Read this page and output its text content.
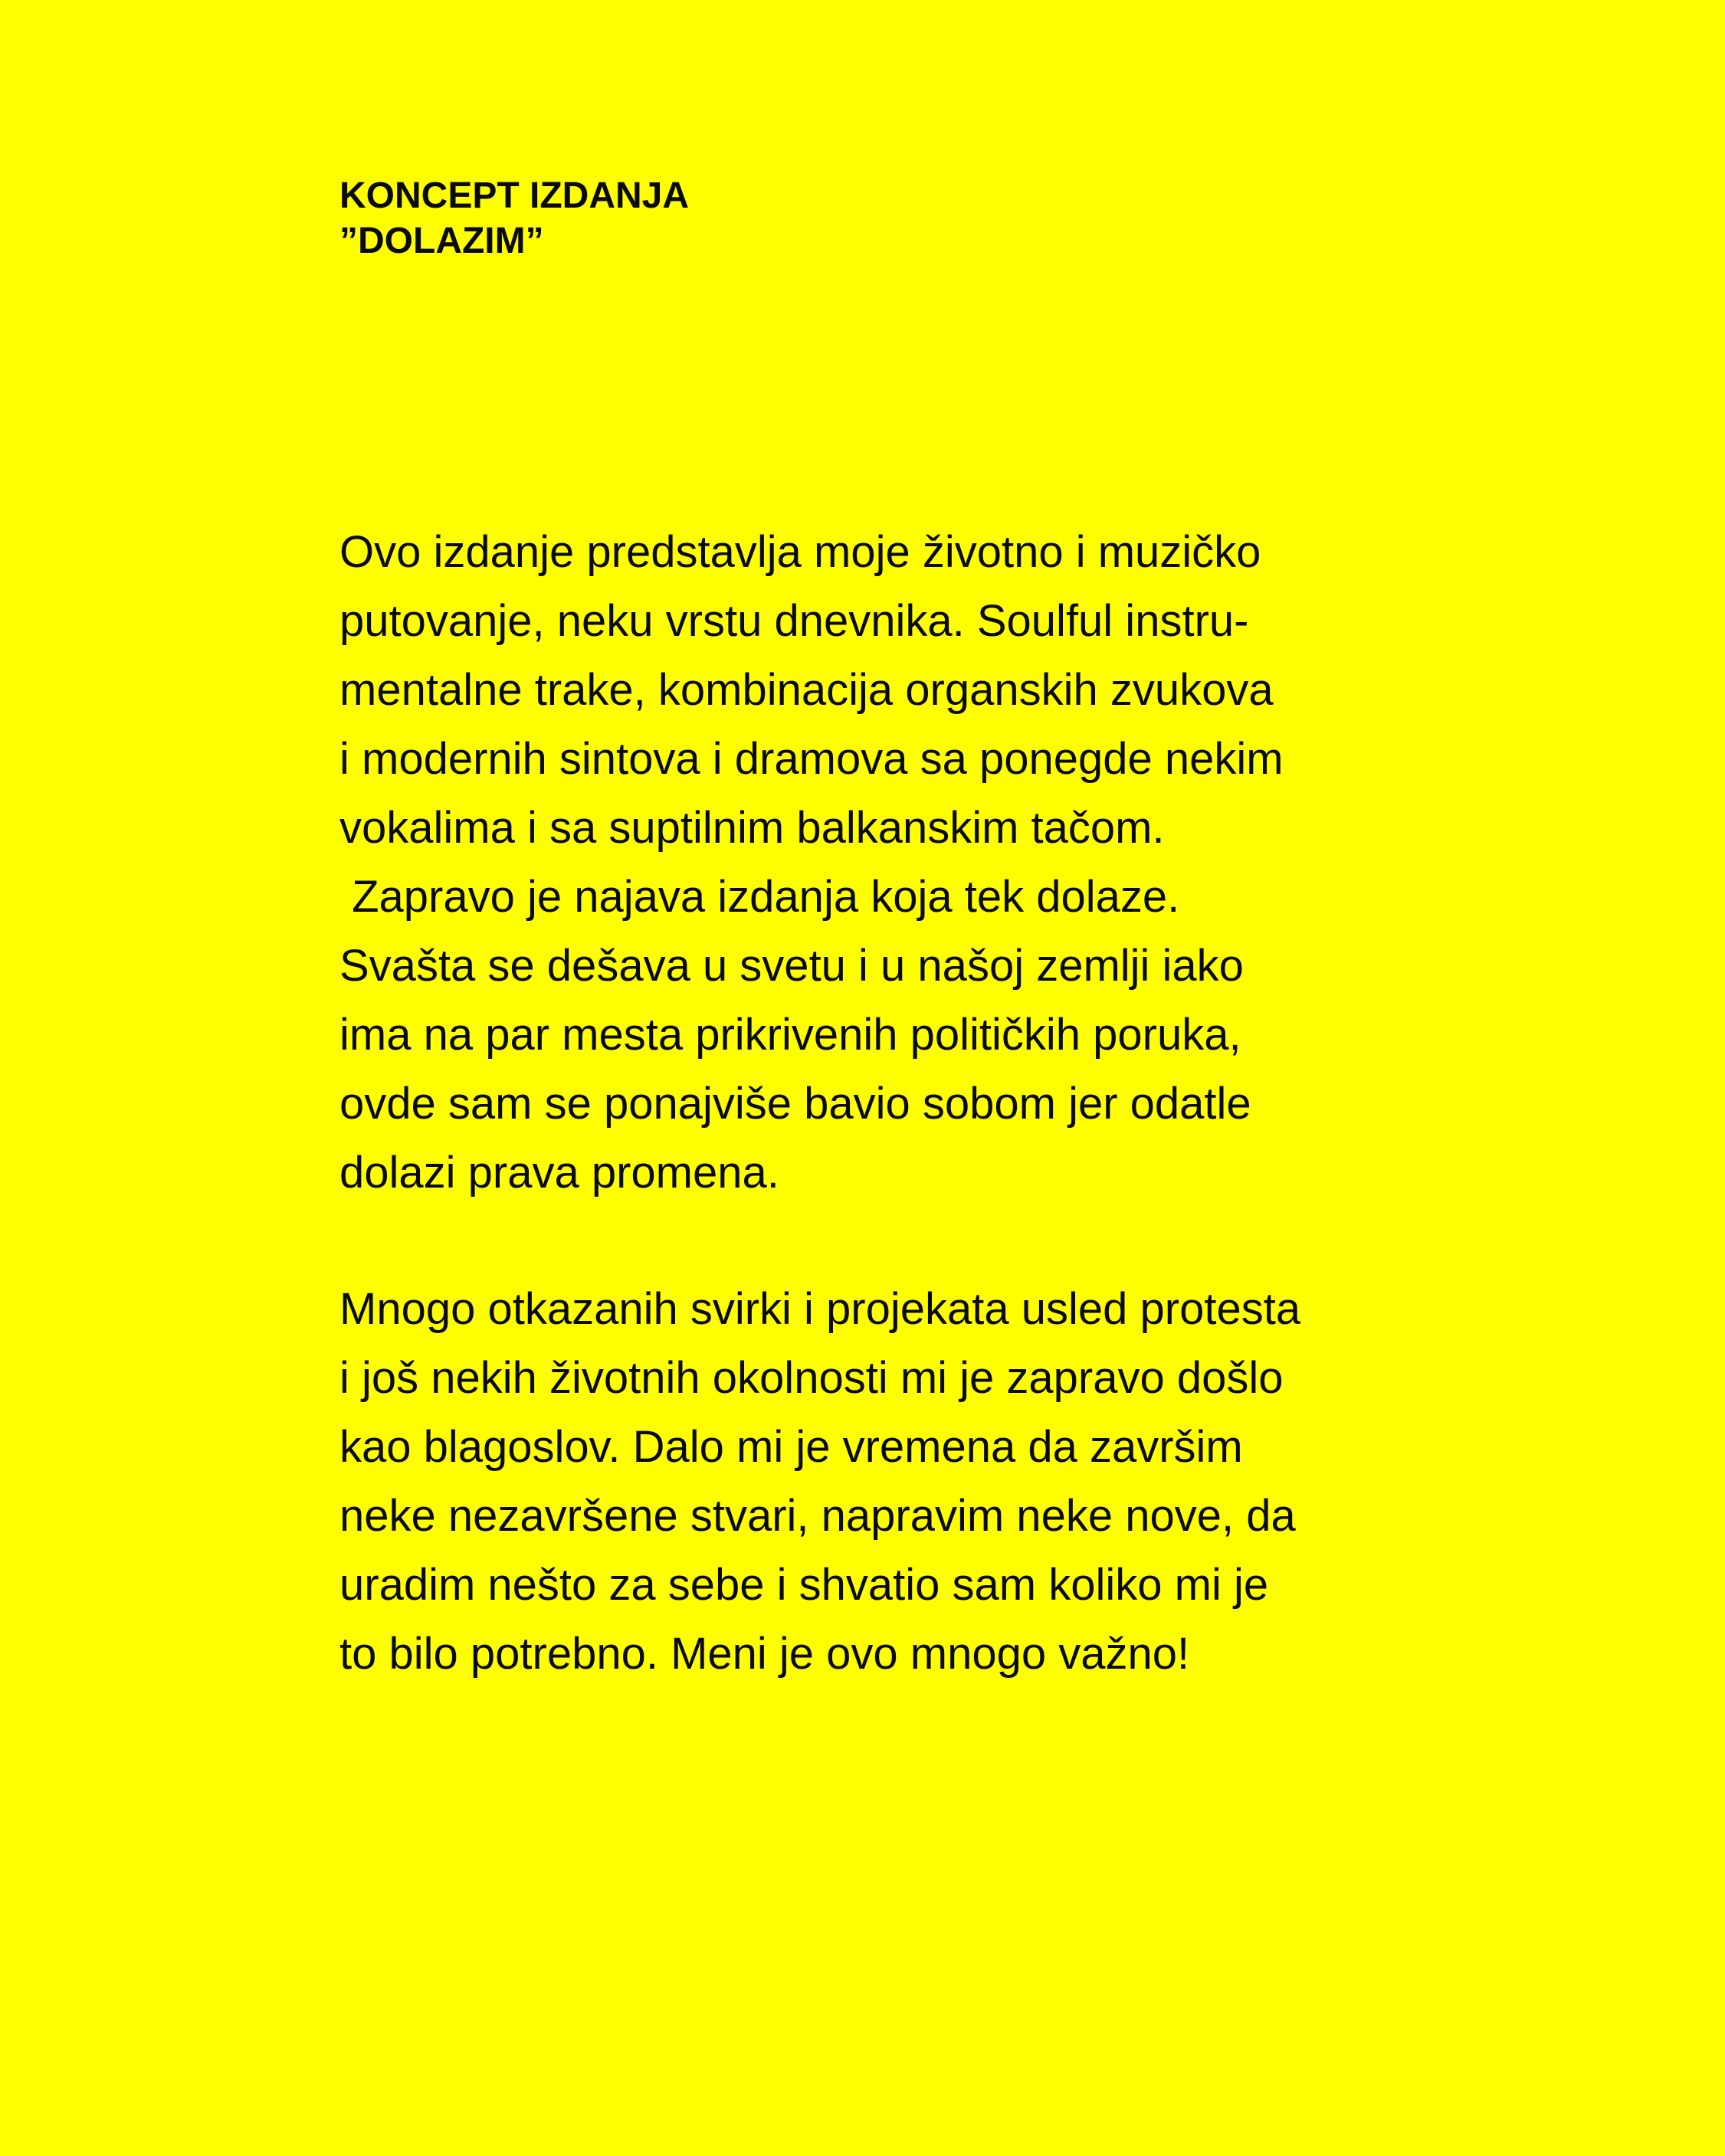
KONCEPT IZDANJA
”DOLAZIM”

Ovo izdanje predstavlja moje životno i muzičko
putovanje, neku vrstu dnevnika. Soulful instru-
mentalne trake, kombinacija organskih zvukova
i modernih sintova i dramova sa ponegde nekim
vokalima i sa suptilnim balkanskim tačom.
Zapravo je najava izdanja koja tek dolaze.
Svašta se dešava u svetu i u našoj zemlji iako
ima na par mesta prikrivenih političkih poruka,
ovde sam se ponajviše bavio sobom jer odatle
dolazi prava promena.

Mnogo otkazanih svirki i projekata usled protesta
i još nekih životnih okolnosti mi je zapravo došlo
kao blagoslov. Dalo mi je vremena da završim
neke nezavršene stvari, napravim neke nove, da
uradim nešto za sebe i shvatio sam koliko mi je
to bilo potrebno. Meni je ovo mnogo važno!
